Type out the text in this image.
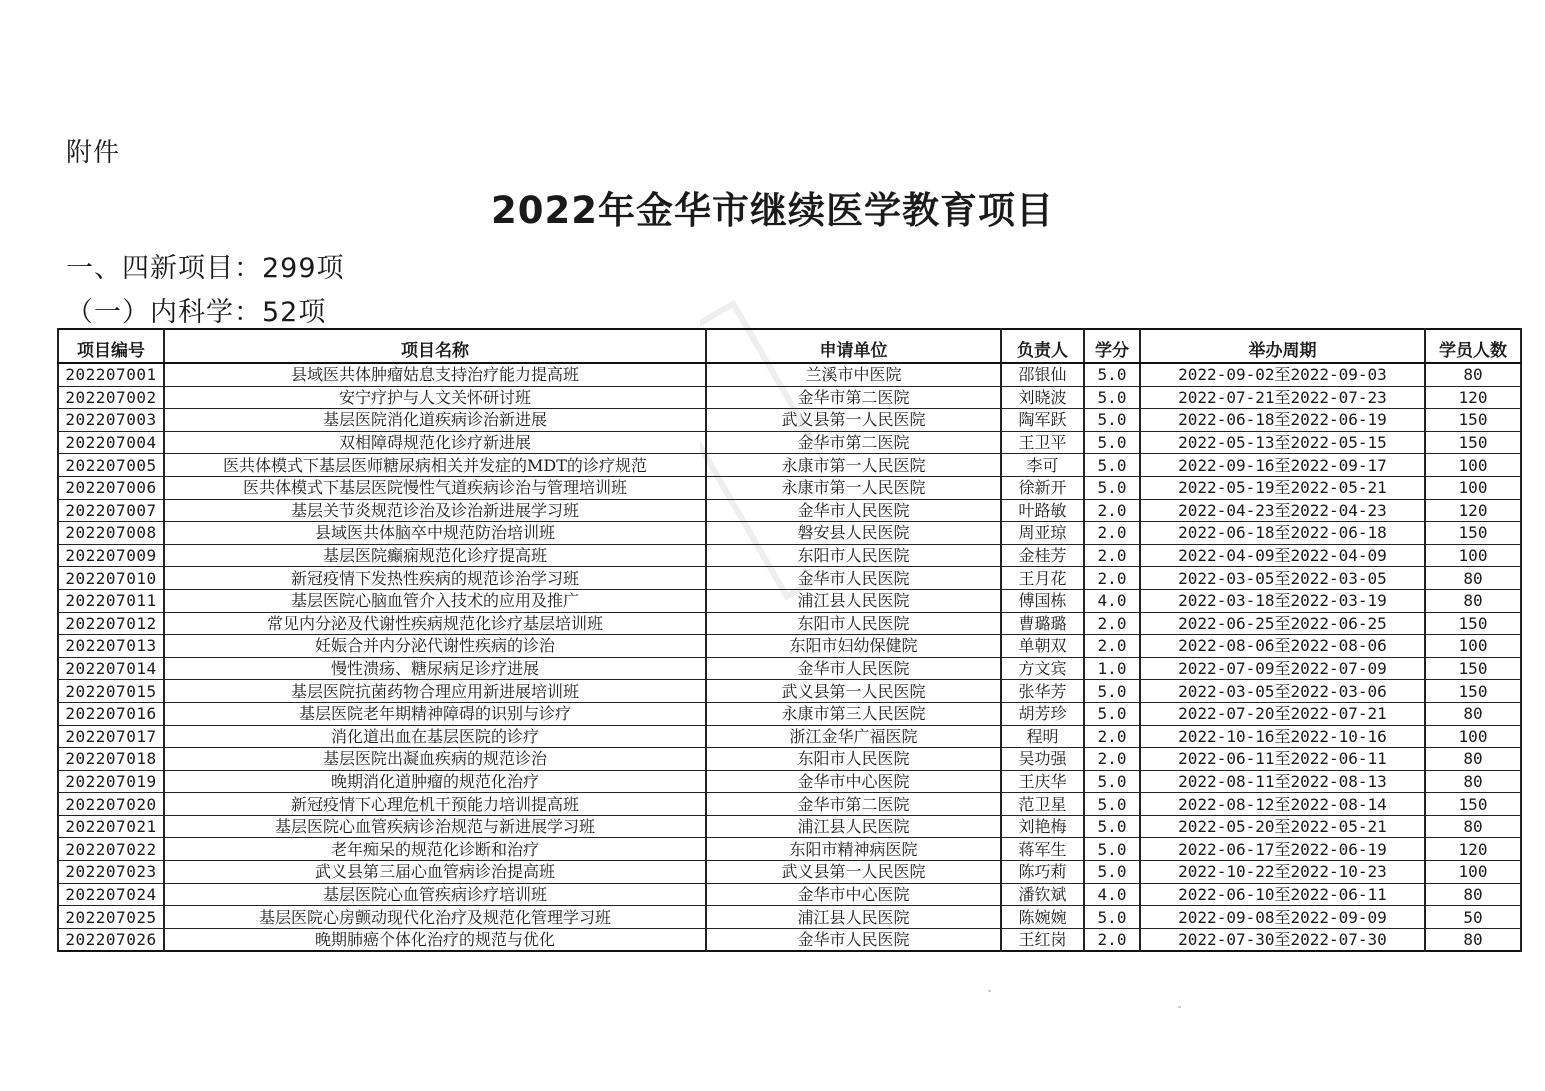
附件
2022年金华市继续医学教育项目
一、四新项目：299项
（一）内科学：52项
项目编号	项目名称	申请单位	负责人	学分	举办周期	学员人数
202207001	县域医共体肿瘤姑息支持治疗能力提高班	兰溪市中医院	邵银仙	5.0	2022-09-02至2022-09-03	80
202207002	安宁疗护与人文关怀研讨班	金华市第二医院	刘晓波	5.0	2022-07-21至2022-07-23	120
202207003	基层医院消化道疾病诊治新进展	武义县第一人民医院	陶军跃	5.0	2022-06-18至2022-06-19	150
202207004	双相障碍规范化诊疗新进展	金华市第二医院	王卫平	5.0	2022-05-13至2022-05-15	150
202207005	医共体模式下基层医师糖尿病相关并发症的MDT的诊疗规范	永康市第一人民医院	李可	5.0	2022-09-16至2022-09-17	100
202207006	医共体模式下基层医院慢性气道疾病诊治与管理培训班	永康市第一人民医院	徐新开	5.0	2022-05-19至2022-05-21	100
202207007	基层关节炎规范诊治及诊治新进展学习班	金华市人民医院	叶路敏	2.0	2022-04-23至2022-04-23	120
202207008	县域医共体脑卒中规范防治培训班	磐安县人民医院	周亚琼	2.0	2022-06-18至2022-06-18	150
202207009	基层医院癫痫规范化诊疗提高班	东阳市人民医院	金桂芳	2.0	2022-04-09至2022-04-09	100
202207010	新冠疫情下发热性疾病的规范诊治学习班	金华市人民医院	王月花	2.0	2022-03-05至2022-03-05	80
202207011	基层医院心脑血管介入技术的应用及推广	浦江县人民医院	傅国栋	4.0	2022-03-18至2022-03-19	80
202207012	常见内分泌及代谢性疾病规范化诊疗基层培训班	东阳市人民医院	曹璐璐	2.0	2022-06-25至2022-06-25	150
202207013	妊娠合并内分泌代谢性疾病的诊治	东阳市妇幼保健院	单朝双	2.0	2022-08-06至2022-08-06	100
202207014	慢性溃疡、糖尿病足诊疗进展	金华市人民医院	方文宾	1.0	2022-07-09至2022-07-09	150
202207015	基层医院抗菌药物合理应用新进展培训班	武义县第一人民医院	张华芳	5.0	2022-03-05至2022-03-06	150
202207016	基层医院老年期精神障碍的识别与诊疗	永康市第三人民医院	胡芳珍	5.0	2022-07-20至2022-07-21	80
202207017	消化道出血在基层医院的诊疗	浙江金华广福医院	程明	2.0	2022-10-16至2022-10-16	100
202207018	基层医院出凝血疾病的规范诊治	东阳市人民医院	吴功强	2.0	2022-06-11至2022-06-11	80
202207019	晚期消化道肿瘤的规范化治疗	金华市中心医院	王庆华	5.0	2022-08-11至2022-08-13	80
202207020	新冠疫情下心理危机干预能力培训提高班	金华市第二医院	范卫星	5.0	2022-08-12至2022-08-14	150
202207021	基层医院心血管疾病诊治规范与新进展学习班	浦江县人民医院	刘艳梅	5.0	2022-05-20至2022-05-21	80
202207022	老年痴呆的规范化诊断和治疗	东阳市精神病医院	蒋军生	5.0	2022-06-17至2022-06-19	120
202207023	武义县第三届心血管病诊治提高班	武义县第一人民医院	陈巧莉	5.0	2022-10-22至2022-10-23	100
202207024	基层医院心血管疾病诊疗培训班	金华市中心医院	潘钦斌	4.0	2022-06-10至2022-06-11	80
202207025	基层医院心房颤动现代化治疗及规范化管理学习班	浦江县人民医院	陈婉婉	5.0	2022-09-08至2022-09-09	50
202207026	晚期肺癌个体化治疗的规范与优化	金华市人民医院	王红岗	2.0	2022-07-30至2022-07-30	80
